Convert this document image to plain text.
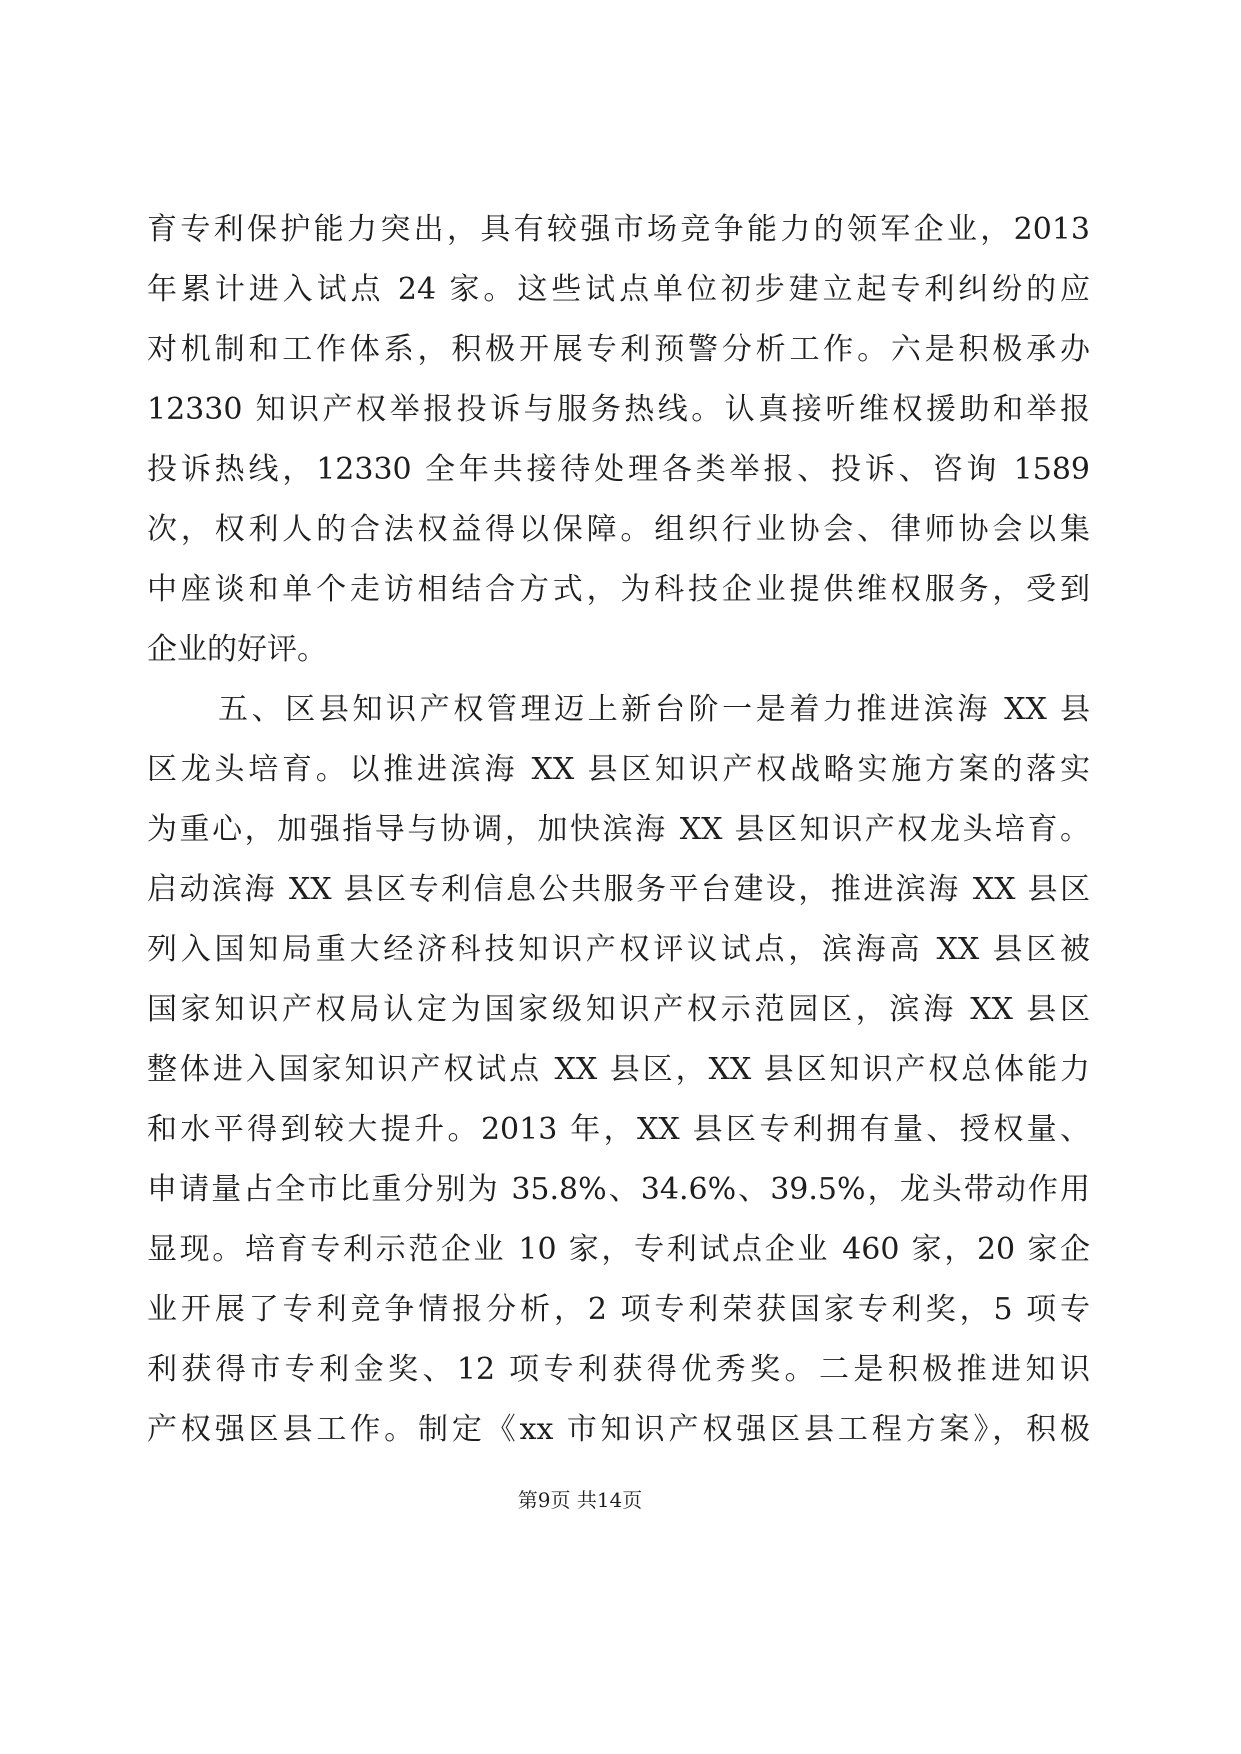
育专利保护能力突出，具有较强市场竞争能力的领军企业，2013
年累计进入试点 24 家。这些试点单位初步建立起专利纠纷的应
对机制和工作体系，积极开展专利预警分析工作。六是积极承办
12330 知识产权举报投诉与服务热线。认真接听维权援助和举报
投诉热线，12330 全年共接待处理各类举报、投诉、咨询 1589
次，权利人的合法权益得以保障。组织行业协会、律师协会以集
中座谈和单个走访相结合方式，为科技企业提供维权服务，受到
企业的好评。
五、区县知识产权管理迈上新台阶一是着力推进滨海 XX 县
区龙头培育。以推进滨海 XX 县区知识产权战略实施方案的落实
为重心，加强指导与协调，加快滨海 XX 县区知识产权龙头培育。
启动滨海 XX 县区专利信息公共服务平台建设，推进滨海 XX 县区
列入国知局重大经济科技知识产权评议试点，滨海高 XX 县区被
国家知识产权局认定为国家级知识产权示范园区，滨海 XX 县区
整体进入国家知识产权试点 XX 县区，XX 县区知识产权总体能力
和水平得到较大提升。2013 年，XX 县区专利拥有量、授权量、
申请量占全市比重分别为 35.8%、34.6%、39.5%，龙头带动作用
显现。培育专利示范企业 10 家，专利试点企业 460 家，20 家企
业开展了专利竞争情报分析，2 项专利荣获国家专利奖，5 项专
利获得市专利金奖、12 项专利获得优秀奖。二是积极推进知识
产权强区县工作。制定《xx 市知识产权强区县工程方案》，积极
第9页 共14页
